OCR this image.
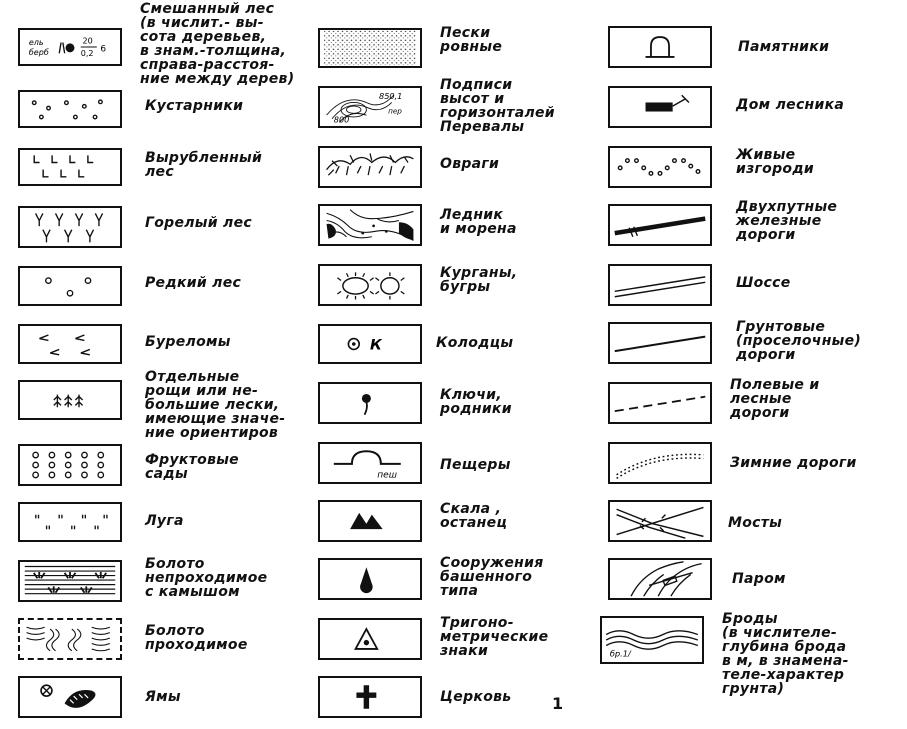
ель
берб
20
0,2 6
Смешанный лес
(в числит.- вы-
сота деревьев,
в знам.-толщина,
справа-расстоя-
ние между дерев)
Кустарники
Вырубленный
лес
Горелый лес
Редкий лес
Буреломы
Отдельные
рощи или не-
большие лески,
имеющие значе-
ние ориентиров
Фруктовые
сады
Луга
Болото
непроходимое
с камышом
Болото
проходимое
Ямы
Пески
ровные
850,1
пер
800
Подписи
высот и
горизонталей
Перевалы
Овраги
Ледник
и морена
Курганы,
бугры
К	Колодцы
Ключи,
родники
пеш
Пещеры
Скала ,
останец
Сооружения
башенного
типа
Тригоно-
метрические
знаки
Церковь
Памятники
Дом лесника
Живые
изгороди
Двухпутные
железные
дороги
Шоссе
Грунтовые
(проселочные)
дороги
Полевые и
лесные
дороги
Зимние дороги
Мосты
Паром
бр.1/
Броды
(в числителе-
глубина брода
в м, в знамена-
теле-характер
грунта)
1
